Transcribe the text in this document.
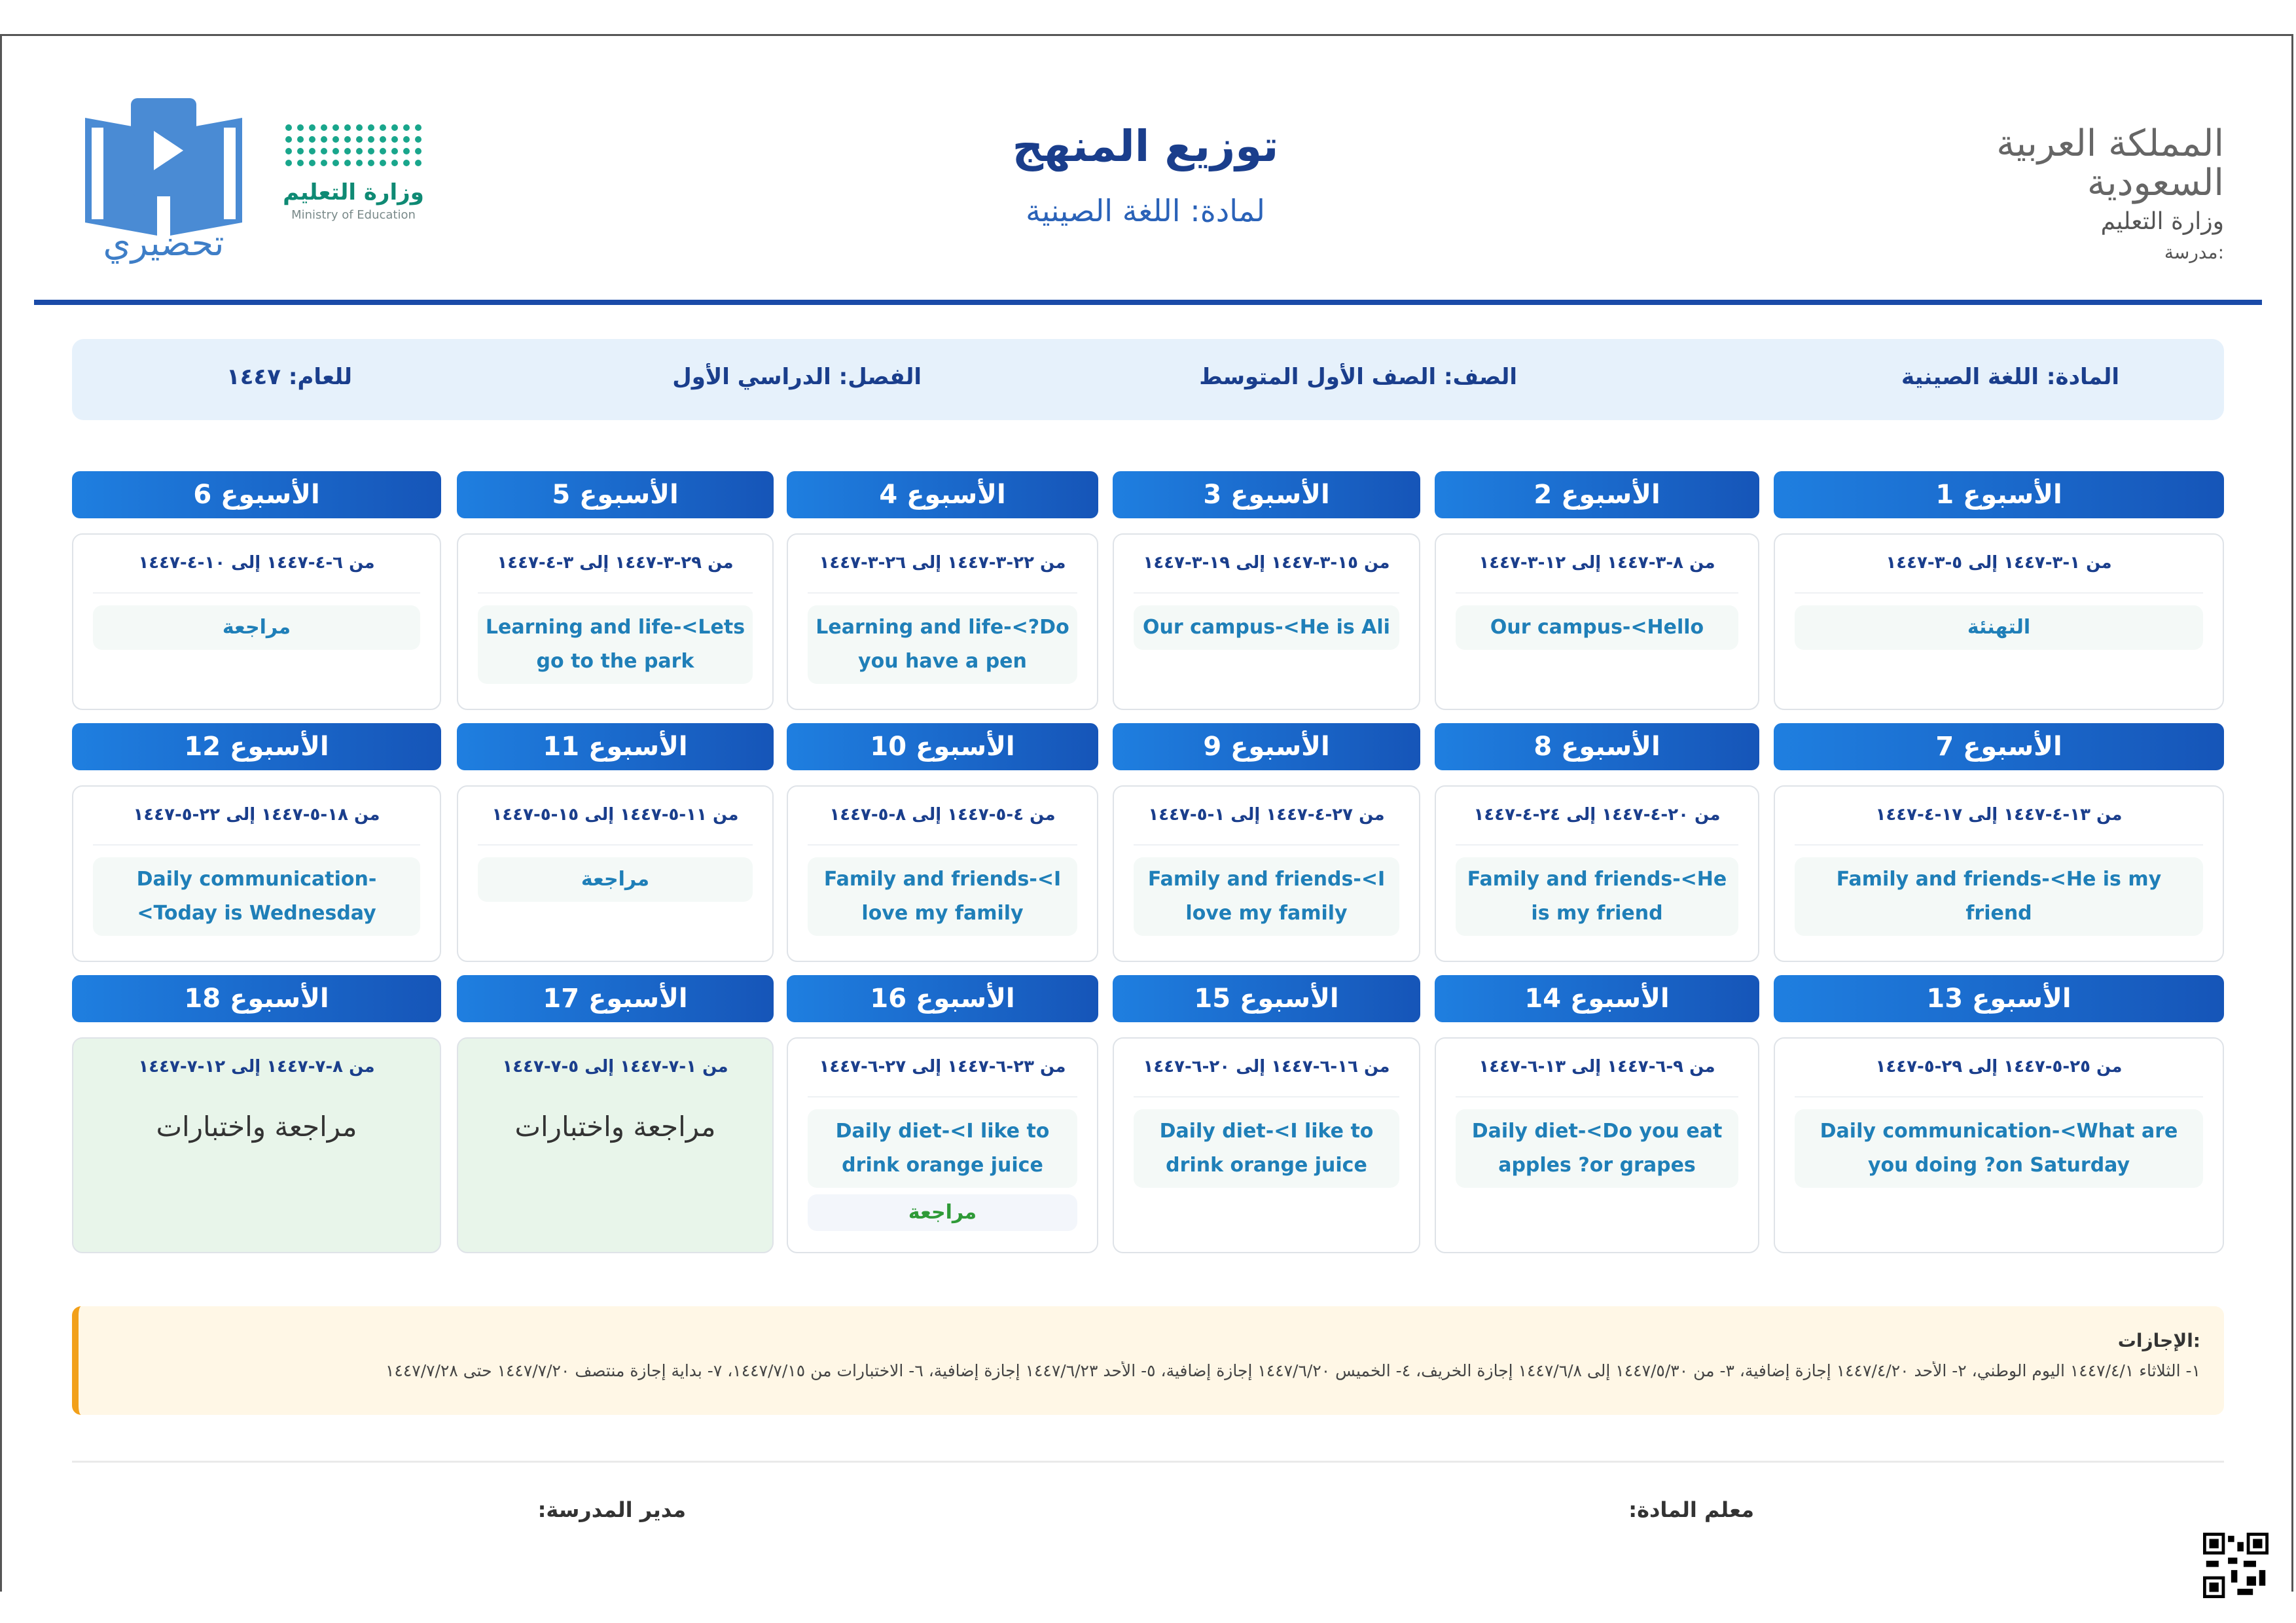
المملكة العربية السعودية
وزارة التعليم
مدرسة:
توزيع المنهج
لمادة: اللغة الصينية
وزارة التعليم
Ministry of Education
تحضيري
المادة: اللغة الصينية
الصف: الصف الأول المتوسط
الفصل: الدراسي الأول
للعام: ١٤٤٧
الأسبوع 1
من ١-٣-١٤٤٧ إلى ٥-٣-١٤٤٧
التهنئة
الأسبوع 2
من ٨-٣-١٤٤٧ إلى ١٢-٣-١٤٤٧
Our campus-<Hello
الأسبوع 3
من ١٥-٣-١٤٤٧ إلى ١٩-٣-١٤٤٧
Our campus-<He is Ali
الأسبوع 4
من ٢٢-٣-١٤٤٧ إلى ٢٦-٣-١٤٤٧
Learning and life-<?Do you have a pen
الأسبوع 5
من ٢٩-٣-١٤٤٧ إلى ٣-٤-١٤٤٧
Learning and life-<Lets go to the park
الأسبوع 6
من ٦-٤-١٤٤٧ إلى ١٠-٤-١٤٤٧
مراجعة
الأسبوع 7
من ١٣-٤-١٤٤٧ إلى ١٧-٤-١٤٤٧
Family and friends-<He is my friend
الأسبوع 8
من ٢٠-٤-١٤٤٧ إلى ٢٤-٤-١٤٤٧
Family and friends-<He is my friend
الأسبوع 9
من ٢٧-٤-١٤٤٧ إلى ١-٥-١٤٤٧
Family and friends-<I love my family
الأسبوع 10
من ٤-٥-١٤٤٧ إلى ٨-٥-١٤٤٧
Family and friends-<I love my family
الأسبوع 11
من ١١-٥-١٤٤٧ إلى ١٥-٥-١٤٤٧
مراجعة
الأسبوع 12
من ١٨-٥-١٤٤٧ إلى ٢٢-٥-١٤٤٧
Daily communication-<Today is Wednesday
الأسبوع 13
من ٢٥-٥-١٤٤٧ إلى ٢٩-٥-١٤٤٧
Daily communication-<What are you doing ?on Saturday
الأسبوع 14
من ٩-٦-١٤٤٧ إلى ١٣-٦-١٤٤٧
Daily diet-<Do you eat apples ?or grapes
الأسبوع 15
من ١٦-٦-١٤٤٧ إلى ٢٠-٦-١٤٤٧
Daily diet-<I like to drink orange juice
الأسبوع 16
من ٢٣-٦-١٤٤٧ إلى ٢٧-٦-١٤٤٧
Daily diet-<I like to drink orange juice
مراجعة
الأسبوع 17
من ١-٧-١٤٤٧ إلى ٥-٧-١٤٤٧
مراجعة واختبارات
الأسبوع 18
من ٨-٧-١٤٤٧ إلى ١٢-٧-١٤٤٧
مراجعة واختبارات
الإجازات:
١- الثلاثاء ١٤٤٧/٤/١ اليوم الوطني، ٢- الأحد ١٤٤٧/٤/٢٠ إجازة إضافية، ٣- من ١٤٤٧/٥/٣٠ إلى ١٤٤٧/٦/٨ إجازة الخريف، ٤- الخميس ١٤٤٧/٦/٢٠ إجازة إضافية، ٥- الأحد ١٤٤٧/٦/٢٣ إجازة إضافية، ٦- الاختبارات من ١٤٤٧/٧/١٥، ٧- بداية إجازة منتصف ١٤٤٧/٧/٢٠ حتى ١٤٤٧/٧/٢٨
معلم المادة:
مدير المدرسة:
